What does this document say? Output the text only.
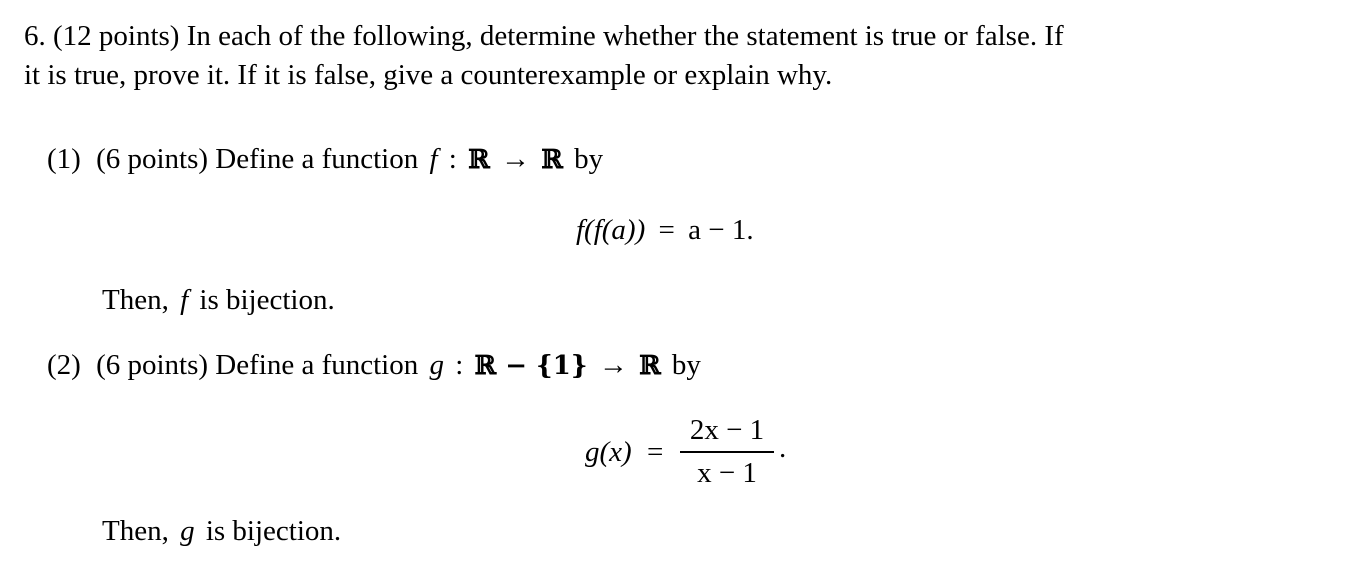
6. (12 points) In each of the following, determine whether the statement is true or false. If
it is true, prove it. If it is false, give a counterexample or explain why.
(1) (6 points) Define a function f : ℝ → ℝ by
f(f(a)) = a − 1.
Then, f is bijection.
(2) (6 points) Define a function g : ℝ − {1} → ℝ by
g(x) =
2x − 1
x − 1
.
Then, g is bijection.
